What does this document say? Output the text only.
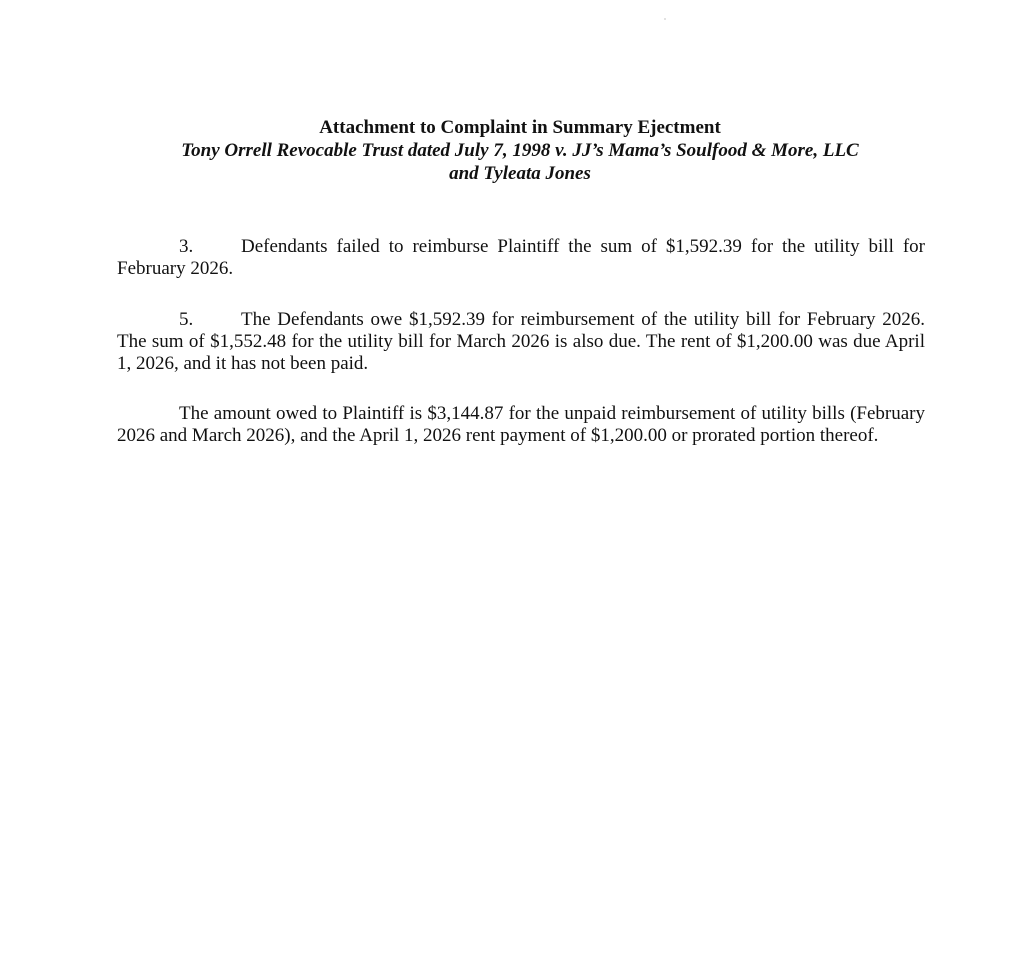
Attachment to Complaint in Summary Ejectment
Tony Orrell Revocable Trust dated July 7, 1998 v. JJ’s Mama’s Soulfood & More, LLC
and Tyleata Jones

3.	Defendants failed to reimburse Plaintiff the sum of $1,592.39 for the utility bill for February 2026.

5.	The Defendants owe $1,592.39 for reimbursement of the utility bill for February 2026. The sum of $1,552.48 for the utility bill for March 2026 is also due. The rent of $1,200.00 was due April 1, 2026, and it has not been paid.

The amount owed to Plaintiff is $3,144.87 for the unpaid reimbursement of utility bills (February 2026 and March 2026), and the April 1, 2026 rent payment of $1,200.00 or prorated portion thereof.
